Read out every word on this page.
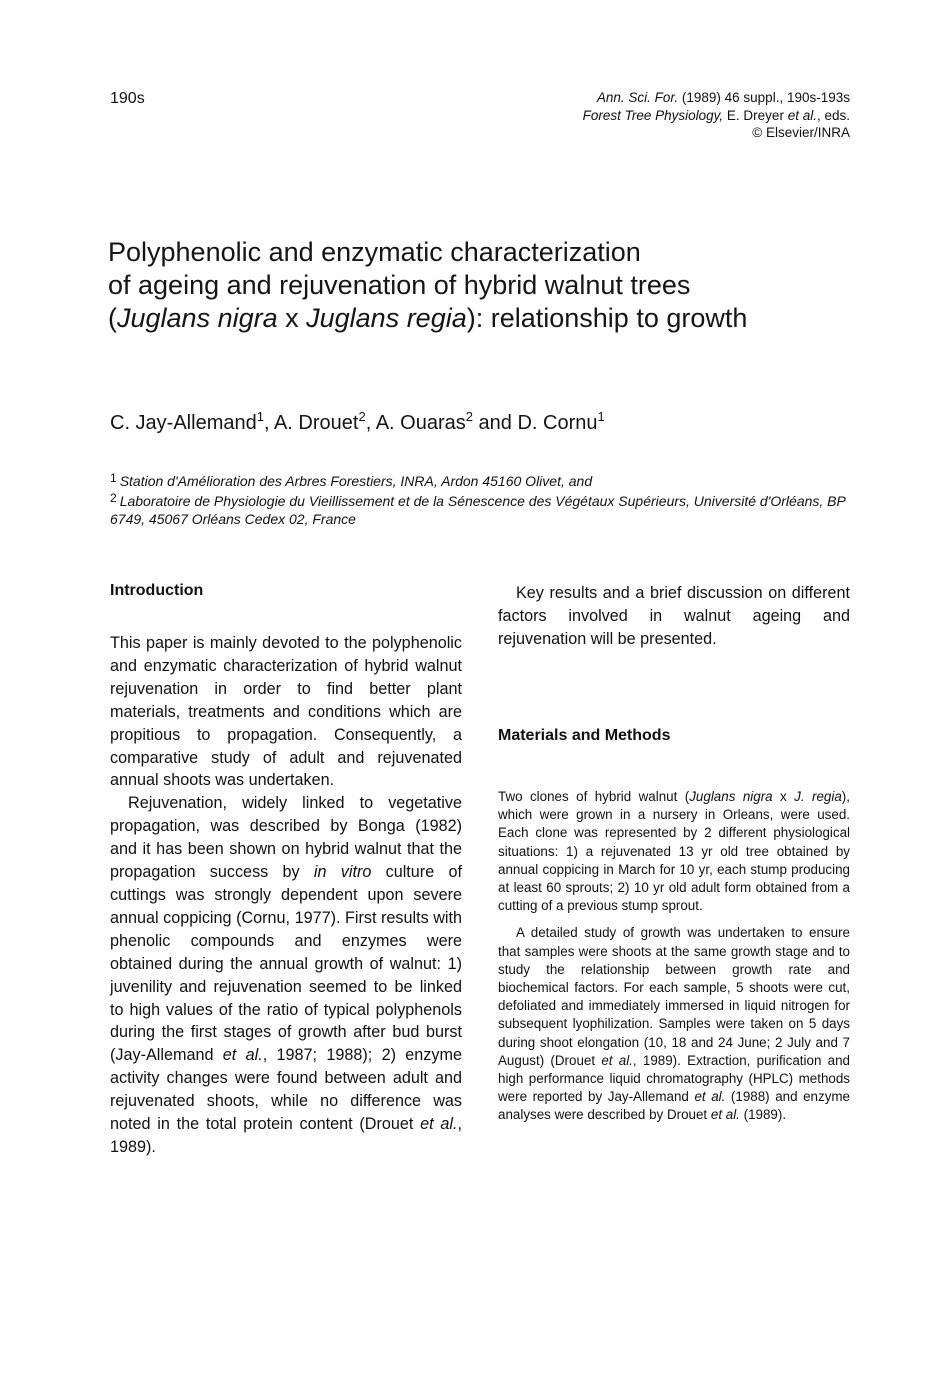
190s	Ann. Sci. For. (1989) 46 suppl., 190s-193s
Forest Tree Physiology, E. Dreyer et al., eds.
© Elsevier/INRA
Polyphenolic and enzymatic characterization
of ageing and rejuvenation of hybrid walnut trees
(Juglans nigra x Juglans regia): relationship to growth
C. Jay-Allemand$^1$, A. Drouet$^2$, A. Ouaras$^2$ and D. Cornu$^1$
1 Station d'Amélioration des Arbres Forestiers, INRA, Ardon 45160 Olivet, and
2 Laboratoire de Physiologie du Vieillissement et de la Sénescence des Végétaux Supérieurs, Université d'Orléans, BP 6749, 45067 Orléans Cedex 02, France
Introduction

This paper is mainly devoted to the polyphenolic and enzymatic characterization of hybrid walnut rejuvenation in order to find better plant materials, treatments and conditions which are propitious to propagation. Consequently, a comparative study of adult and rejuvenated annual shoots was undertaken.

Rejuvenation, widely linked to vegetative propagation, was described by Bonga (1982) and it has been shown on hybrid walnut that the propagation success by in vitro culture of cuttings was strongly dependent upon severe annual coppicing (Cornu, 1977). First results with phenolic compounds and enzymes were obtained during the annual growth of walnut: 1) juvenility and rejuvenation seemed to be linked to high values of the ratio of typical polyphenols during the first stages of growth after bud burst (Jay-Allemand et al., 1987; 1988); 2) enzyme activity changes were found between adult and rejuvenated shoots, while no difference was noted in the total protein content (Drouet et al., 1989).

Key results and a brief discussion on different factors involved in walnut ageing and rejuvenation will be presented.

Materials and Methods

Two clones of hybrid walnut (Juglans nigra x J. regia), which were grown in a nursery in Orleans, were used. Each clone was represented by 2 different physiological situations: 1) a rejuvenated 13 yr old tree obtained by annual coppicing in March for 10 yr, each stump producing at least 60 sprouts; 2) 10 yr old adult form obtained from a cutting of a previous stump sprout.

A detailed study of growth was undertaken to ensure that samples were shoots at the same growth stage and to study the relationship between growth rate and biochemical factors. For each sample, 5 shoots were cut, defoliated and immediately immersed in liquid nitrogen for subsequent lyophilization. Samples were taken on 5 days during shoot elongation (10, 18 and 24 June; 2 July and 7 August) (Drouet et al., 1989). Extraction, purification and high performance liquid chromatography (HPLC) methods were reported by Jay-Allemand et al. (1988) and enzyme analyses were described by Drouet et al. (1989).
